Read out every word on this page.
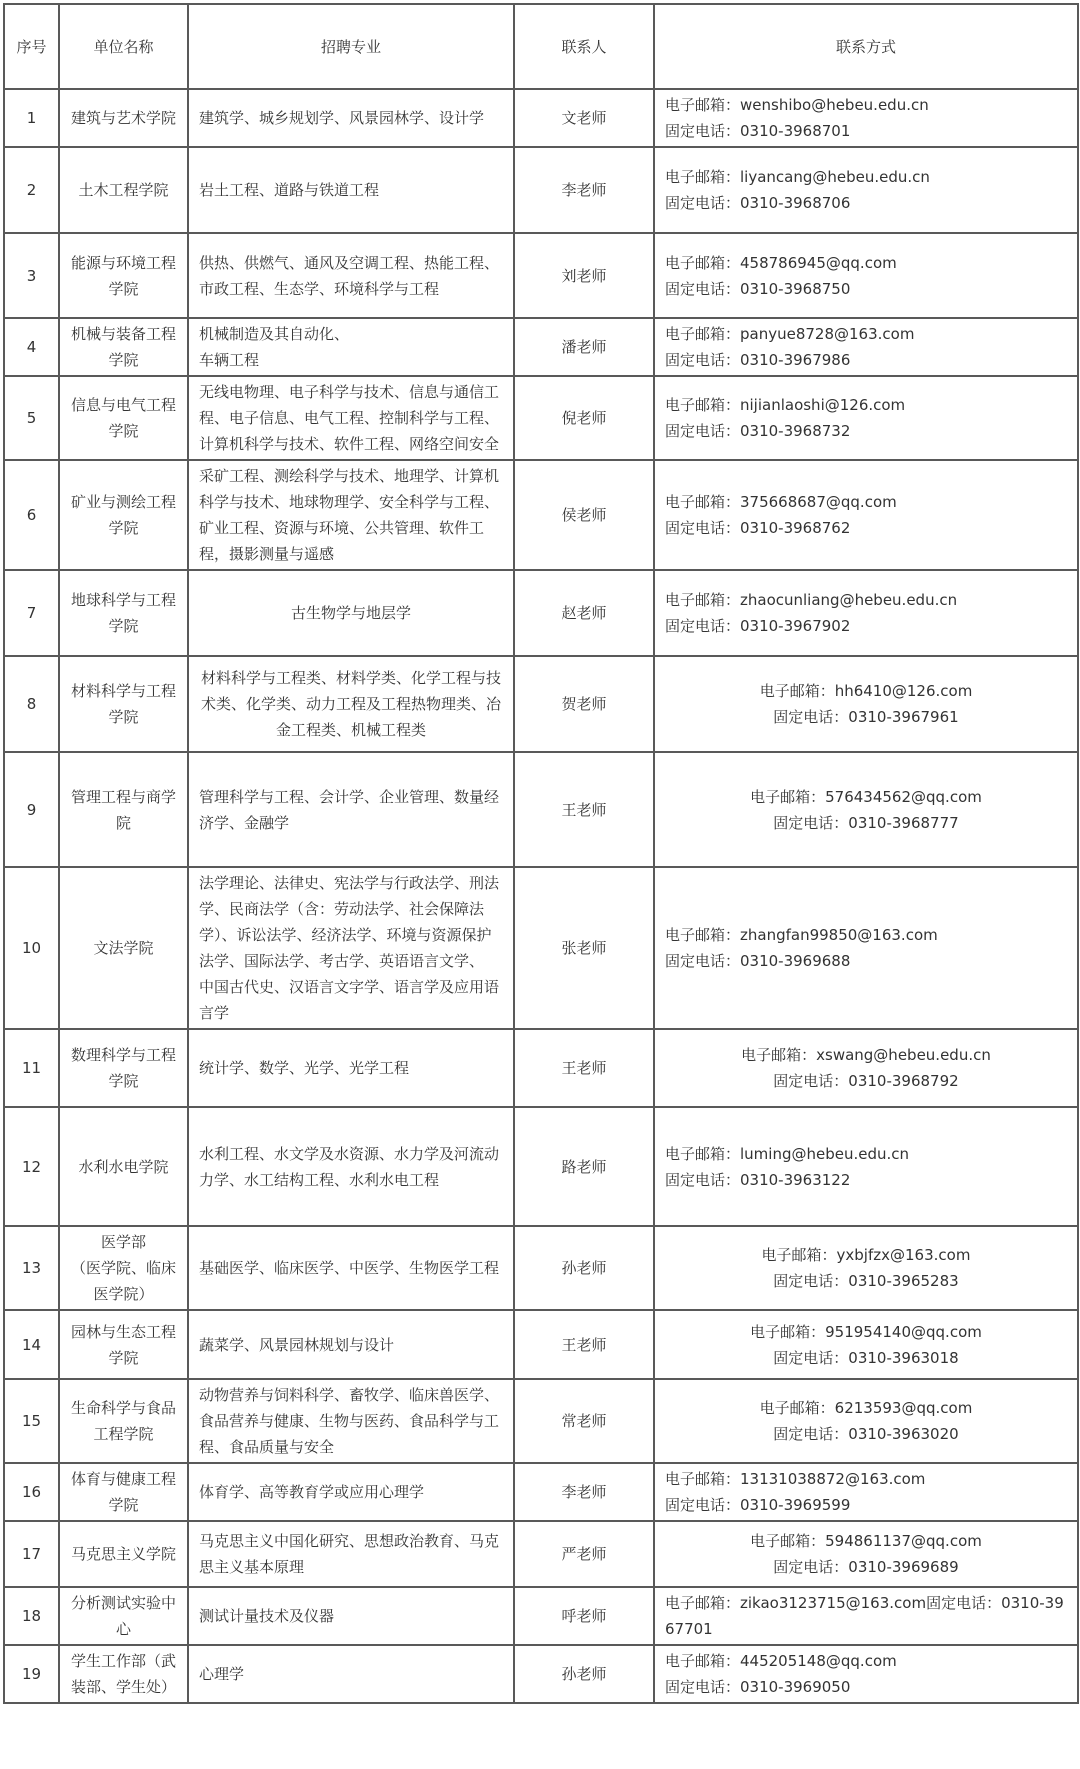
序号	单位名称	招聘专业	联系人	联系方式
1	建筑与艺术学院	建筑学、城乡规划学、风景园林学、设计学	文老师	电子邮箱：wenshibo@hebeu.edu.cn
固定电话：0310-3968701

2	土木工程学院	岩土工程、道路与铁道工程	李老师	电子邮箱：liyancang@hebeu.edu.cn
固定电话：0310-3968706

3	能源与环境工程学院	供热、供燃气、通风及空调工程、热能工程、市政工程、生态学、环境科学与工程	刘老师	电子邮箱：458786945@qq.com
固定电话：0310-3968750

4	机械与装备工程学院	机械制造及其自动化、
车辆工程	潘老师	电子邮箱：panyue8728@163.com
固定电话：0310-3967986

5	信息与电气工程学院	无线电物理、电子科学与技术、信息与通信工程、电子信息、电气工程、控制科学与工程、计算机科学与技术、软件工程、网络空间安全	倪老师	电子邮箱：nijianlaoshi@126.com
固定电话：0310-3968732

6	矿业与测绘工程学院	采矿工程、测绘科学与技术、地理学、计算机科学与技术、地球物理学、安全科学与工程、矿业工程、资源与环境、公共管理、软件工程，摄影测量与遥感	侯老师	电子邮箱：375668687@qq.com
固定电话：0310-3968762

7	地球科学与工程学院	古生物学与地层学	赵老师	电子邮箱：zhaocunliang@hebeu.edu.cn
固定电话：0310-3967902

8	材料科学与工程学院	材料科学与工程类、材料学类、化学工程与技术类、化学类、动力工程及工程热物理类、冶金工程类、机械工程类	贺老师	电子邮箱：hh6410@126.com
固定电话：0310-3967961

9	管理工程与商学院	管理科学与工程、会计学、企业管理、数量经济学、金融学	王老师	电子邮箱：576434562@qq.com
固定电话：0310-3968777

10	文法学院	法学理论、法律史、宪法学与行政法学、刑法学、民商法学（含：劳动法学、社会保障法学）、诉讼法学、经济法学、环境与资源保护法学、国际法学、考古学、英语语言文学、
中国古代史、汉语言文字学、语言学及应用语言学	张老师	电子邮箱：zhangfan99850@163.com
固定电话：0310-3969688

11	数理科学与工程学院	统计学、数学、光学、光学工程	王老师	电子邮箱：xswang@hebeu.edu.cn
固定电话：0310-3968792

12	水利水电学院	水利工程、水文学及水资源、水力学及河流动力学、水工结构工程、水利水电工程	路老师	电子邮箱：luming@hebeu.edu.cn
固定电话：0310-3963122

13	医学部
（医学院、临床医学院）	基础医学、临床医学、中医学、生物医学工程	孙老师	电子邮箱：yxbjfzx@163.com
固定电话：0310-3965283

14	园林与生态工程学院	蔬菜学、风景园林规划与设计	王老师	电子邮箱：951954140@qq.com
固定电话：0310-3963018

15	生命科学与食品工程学院	动物营养与饲料科学、畜牧学、临床兽医学、食品营养与健康、生物与医药、食品科学与工程、食品质量与安全	常老师	电子邮箱：6213593@qq.com
固定电话：0310-3963020

16	体育与健康工程学院	体育学、高等教育学或应用心理学	李老师	电子邮箱：13131038872@163.com
固定电话：0310-3969599

17	马克思主义学院	马克思主义中国化研究、思想政治教育、马克思主义基本原理	严老师	电子邮箱：594861137@qq.com
固定电话：0310-3969689

18	分析测试实验中心	测试计量技术及仪器	呼老师	电子邮箱：zikao3123715@163.com固定电话：0310-3967701

19	学生工作部（武装部、学生处）	心理学	孙老师	电子邮箱：445205148@qq.com
固定电话：0310-3969050
